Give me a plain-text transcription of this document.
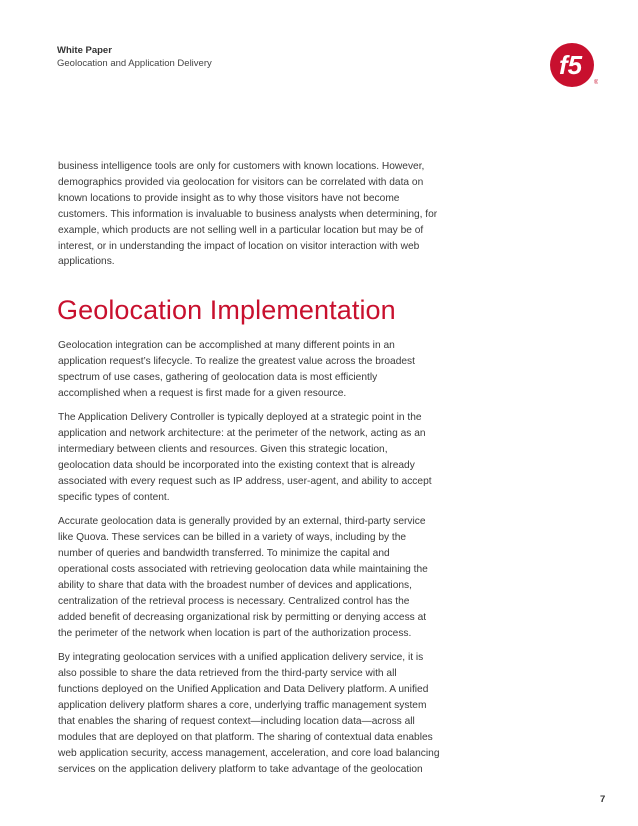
White Paper
Geolocation and Application Delivery	f5
®

business intelligence tools are only for customers with known locations. However, demographics provided via geolocation for visitors can be correlated with data on known locations to provide insight as to why those visitors have not become customers. This information is invaluable to business analysts when determining, for example, which products are not selling well in a particular location but may be of interest, or in understanding the impact of location on visitor interaction with web applications.

Geolocation Implementation

Geolocation integration can be accomplished at many different points in an application request’s lifecycle. To realize the greatest value across the broadest spectrum of use cases, gathering of geolocation data is most efficiently accomplished when a request is first made for a given resource.

The Application Delivery Controller is typically deployed at a strategic point in the application and network architecture: at the perimeter of the network, acting as an intermediary between clients and resources. Given this strategic location, geolocation data should be incorporated into the existing context that is already associated with every request such as IP address, user-agent, and ability to accept specific types of content.

Accurate geolocation data is generally provided by an external, third-party service like Quova. These services can be billed in a variety of ways, including by the number of queries and bandwidth transferred. To minimize the capital and operational costs associated with retrieving geolocation data while maintaining the ability to share that data with the broadest number of devices and applications, centralization of the retrieval process is necessary. Centralized control has the added benefit of decreasing organizational risk by permitting or denying access at the perimeter of the network when location is part of the authorization process.

By integrating geolocation services with a unified application delivery service, it is also possible to share the data retrieved from the third-party service with all functions deployed on the Unified Application and Data Delivery platform. A unified application delivery platform shares a core, underlying traffic management system that enables the sharing of request context—including location data—across all modules that are deployed on that platform. The sharing of contextual data enables web application security, access management, acceleration, and core load balancing services on the application delivery platform to take advantage of the geolocation

7
